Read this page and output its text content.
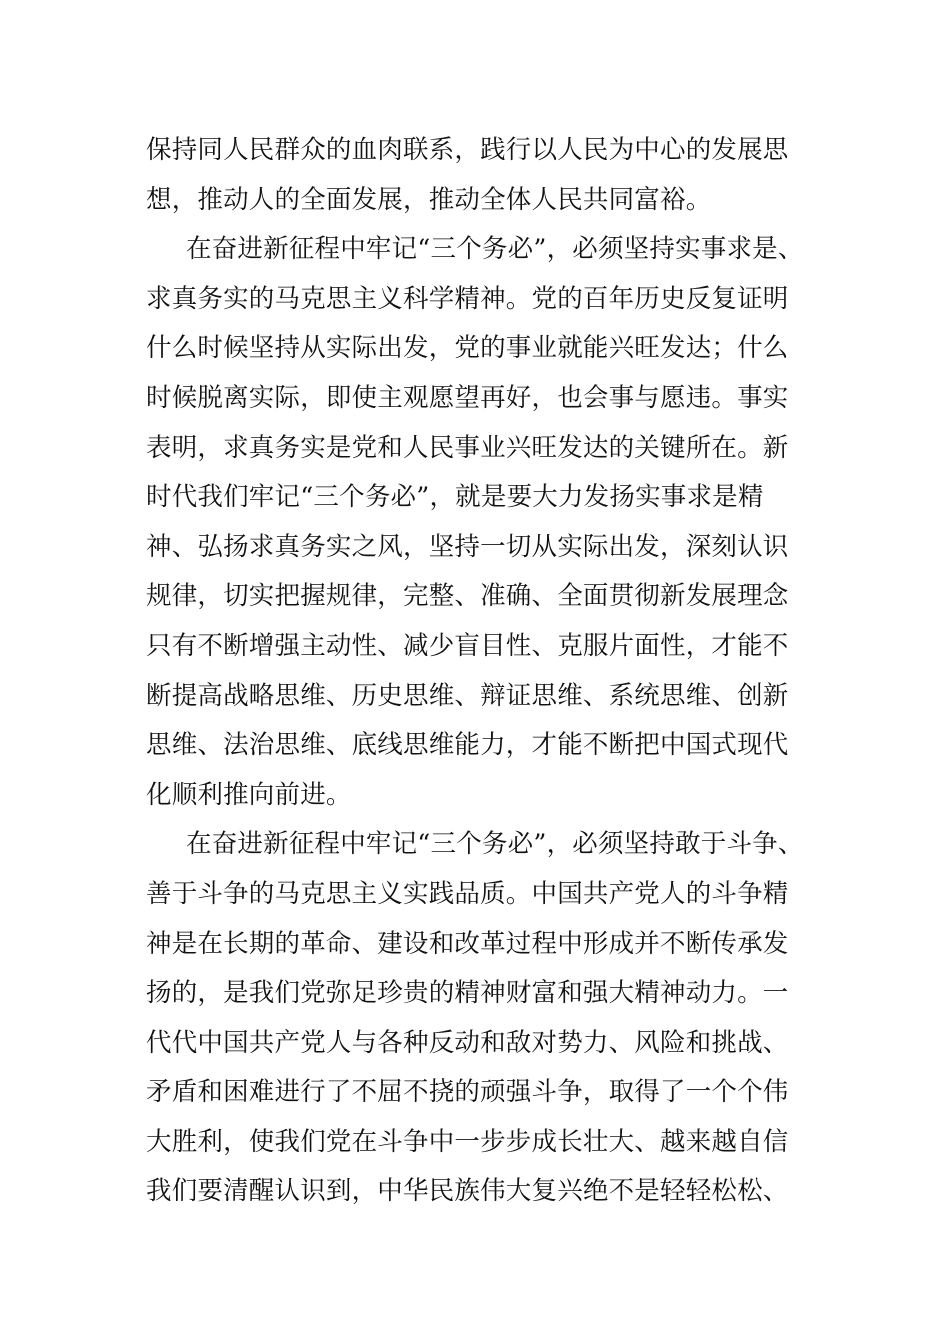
保持同人民群众的血肉联系，践行以人民为中心的发展思
想，推动人的全面发展，推动全体人民共同富裕。
在奋进新征程中牢记“三个务必”，必须坚持实事求是、
求真务实的马克思主义科学精神。党的百年历史反复证明
什么时候坚持从实际出发，党的事业就能兴旺发达；什么
时候脱离实际，即使主观愿望再好，也会事与愿违。事实
表明，求真务实是党和人民事业兴旺发达的关键所在。新
时代我们牢记“三个务必”，就是要大力发扬实事求是精
神、弘扬求真务实之风，坚持一切从实际出发，深刻认识
规律，切实把握规律，完整、准确、全面贯彻新发展理念
只有不断增强主动性、减少盲目性、克服片面性，才能不
断提高战略思维、历史思维、辩证思维、系统思维、创新
思维、法治思维、底线思维能力，才能不断把中国式现代
化顺利推向前进。
在奋进新征程中牢记“三个务必”，必须坚持敢于斗争、
善于斗争的马克思主义实践品质。中国共产党人的斗争精
神是在长期的革命、建设和改革过程中形成并不断传承发
扬的，是我们党弥足珍贵的精神财富和强大精神动力。一
代代中国共产党人与各种反动和敌对势力、风险和挑战、
矛盾和困难进行了不屈不挠的顽强斗争，取得了一个个伟
大胜利，使我们党在斗争中一步步成长壮大、越来越自信
我们要清醒认识到，中华民族伟大复兴绝不是轻轻松松、
